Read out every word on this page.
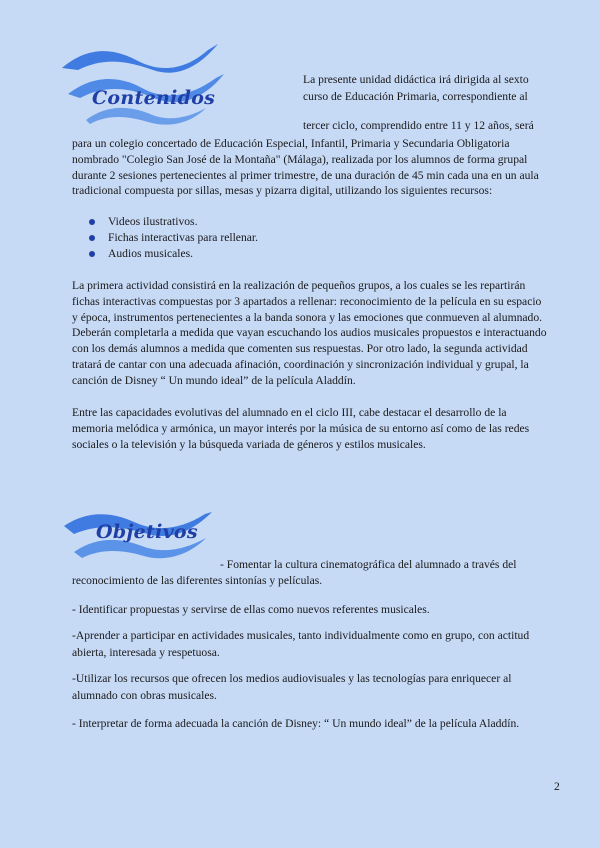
Contenidos
La presente unidad didáctica irá dirigida al sexto
curso de Educación Primaria, correspondiente al
tercer ciclo, comprendido entre 11 y 12 años, será
para un colegio concertado de Educación Especial, Infantil, Primaria y Secundaria Obligatoria nombrado "Colegio San José de la Montaña" (Málaga), realizada por los alumnos de forma grupal durante 2 sesiones pertenecientes al primer trimestre, de una duración de 45 min cada una en un aula tradicional compuesta por sillas, mesas y pizarra digital, utilizando los siguientes recursos:
Videos ilustrativos.
Fichas interactivas para rellenar.
Audios musicales.
La primera actividad consistirá en la realización de pequeños grupos, a los cuales se les repartirán fichas interactivas compuestas por 3 apartados a rellenar: reconocimiento de la película en su espacio y época, instrumentos pertenecientes a la banda sonora y las emociones que conmueven al alumnado. Deberán completarla a medida que vayan escuchando los audios musicales propuestos e interactuando con los demás alumnos a medida que comenten sus respuestas. Por otro lado, la segunda actividad tratará de cantar con una adecuada afinación, coordinación y sincronización individual y grupal, la canción de Disney “ Un mundo ideal” de la película Aladdín.
Entre las capacidades evolutivas del alumnado en el ciclo III, cabe destacar el desarrollo de la memoria melódica y armónica, un mayor interés por la música de su entorno así como de las redes sociales o la televisión y la búsqueda variada de géneros y estilos musicales.
Objetivos
- Fomentar la cultura cinematográfica del alumnado a través del
reconocimiento de las diferentes sintonías y películas.
- Identificar propuestas y servirse de ellas como nuevos referentes musicales.
-Aprender a participar en actividades musicales, tanto individualmente como en grupo, con actitud abierta, interesada y respetuosa.
-Utilizar los recursos que ofrecen los medios audiovisuales y las tecnologías para enriquecer al alumnado con obras musicales.
- Interpretar de forma adecuada la canción de Disney: “ Un mundo ideal” de la película Aladdín.
2
